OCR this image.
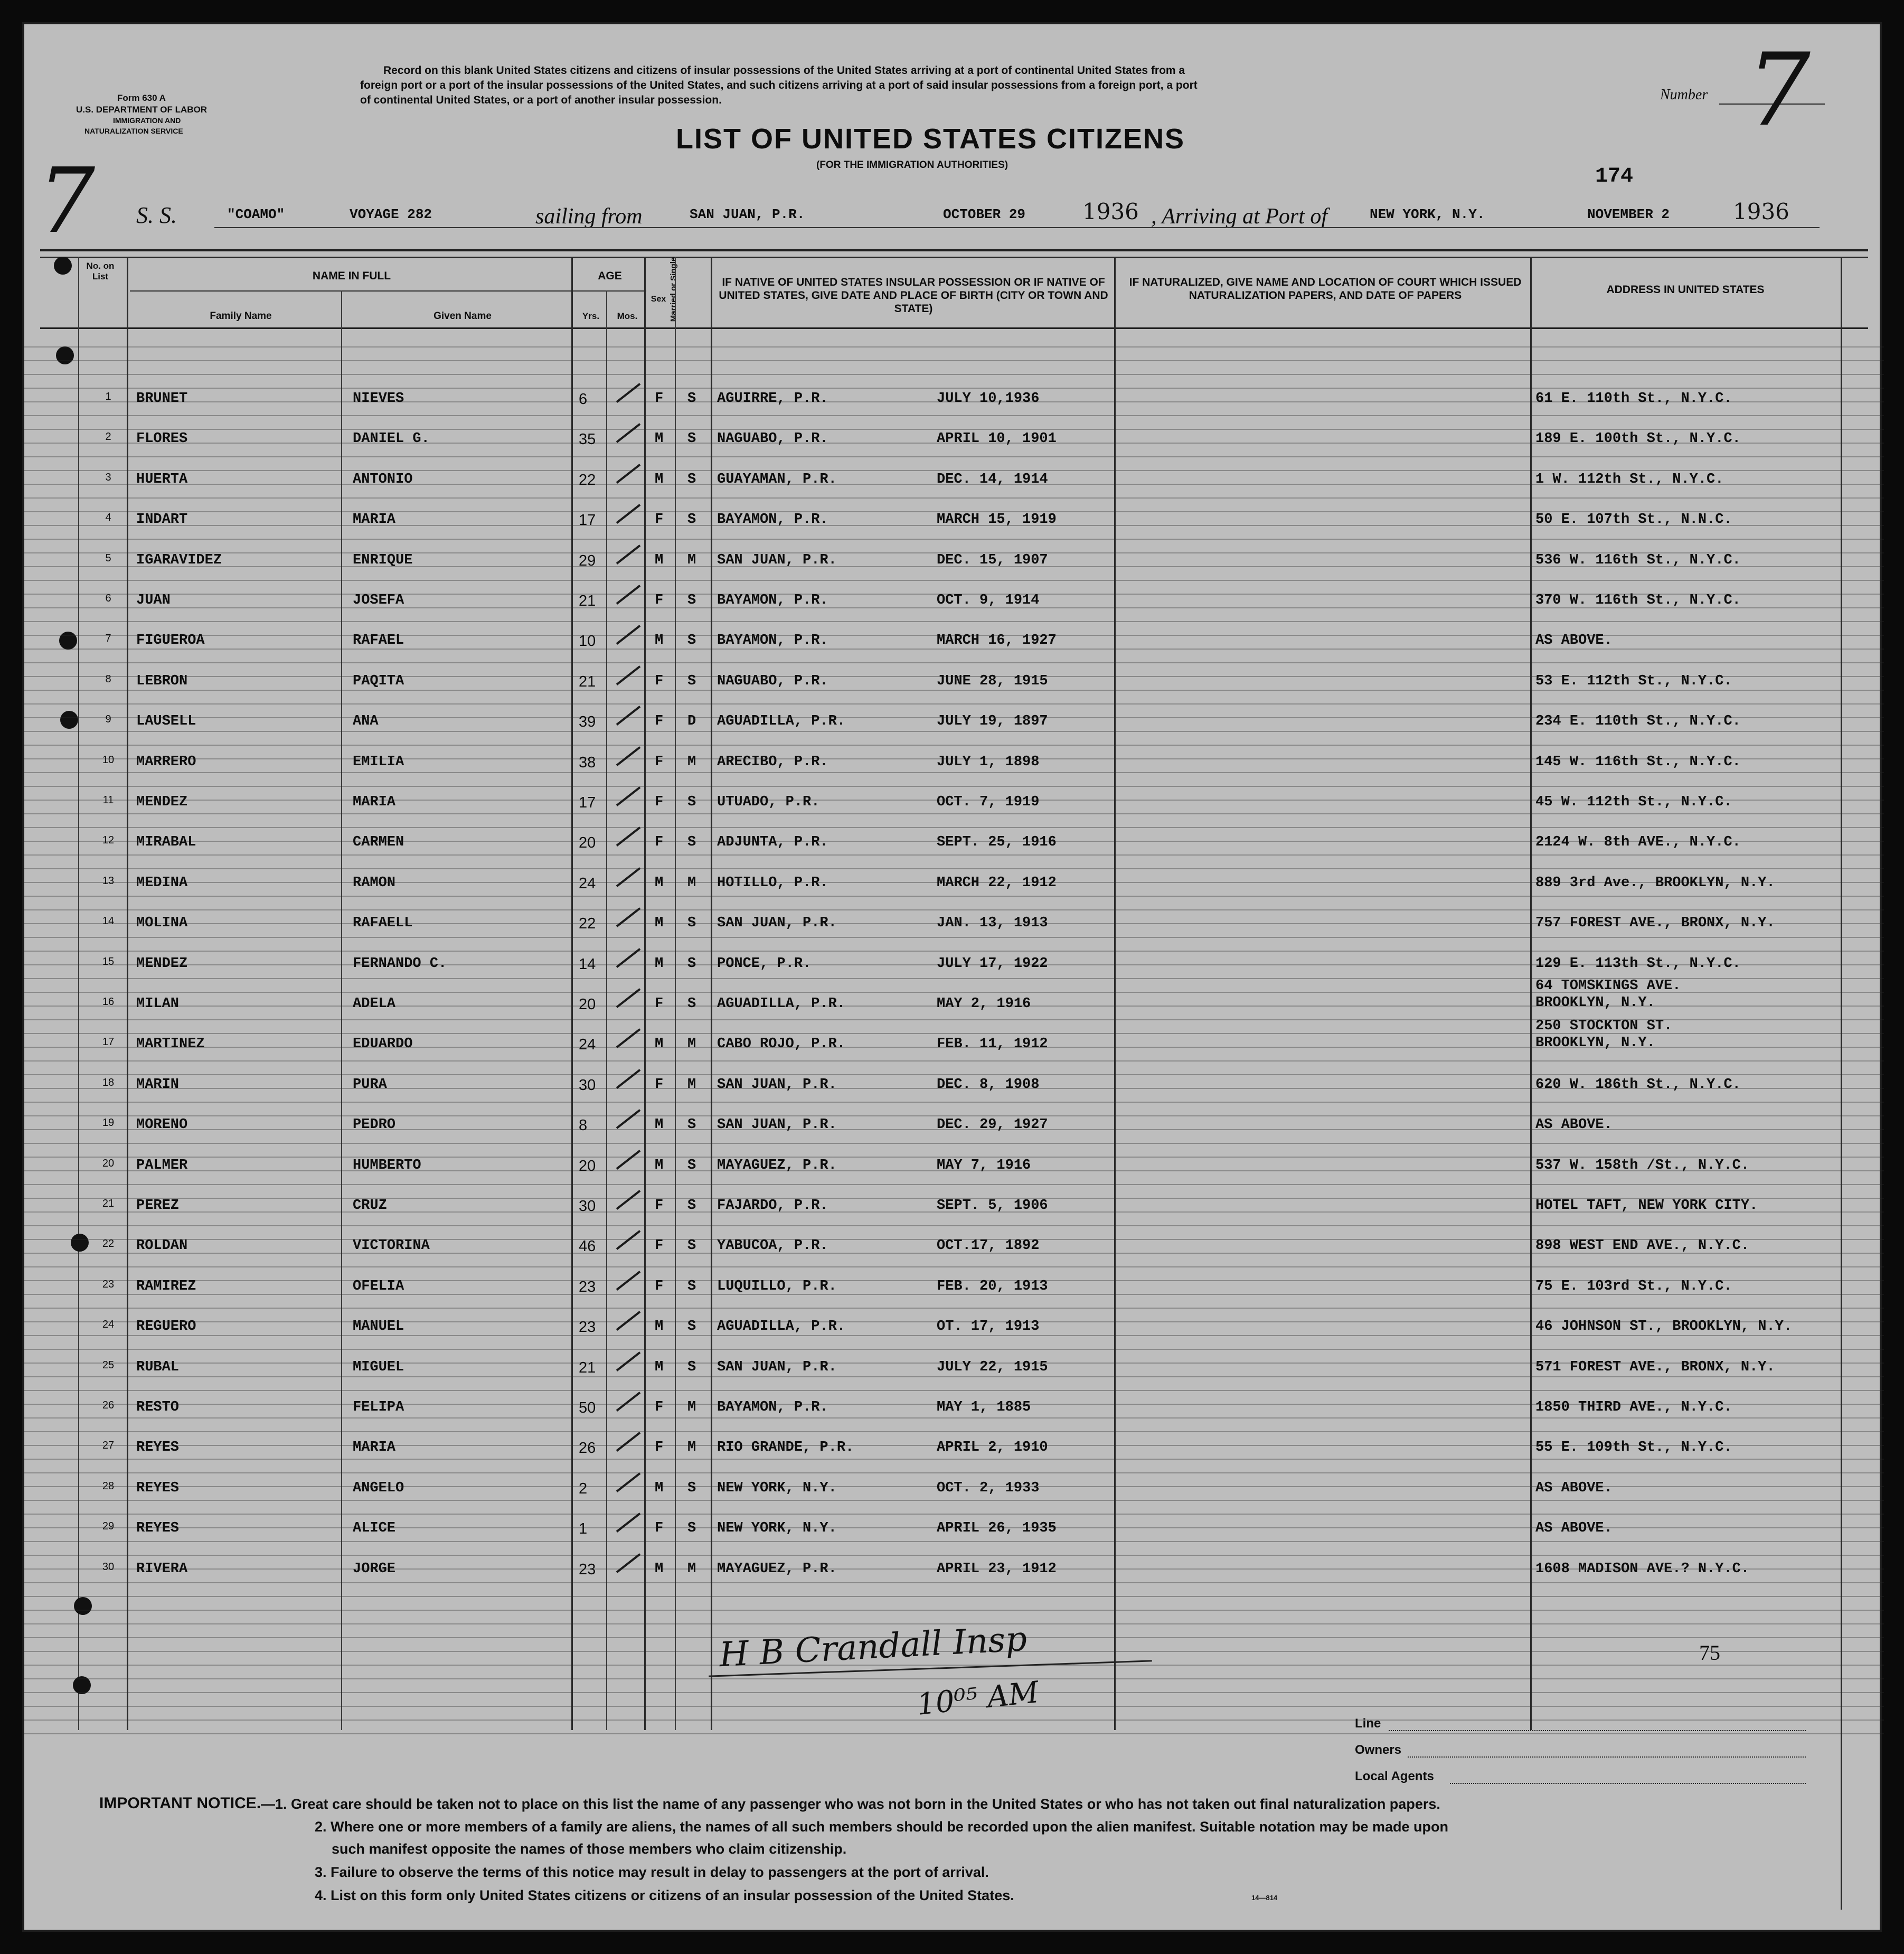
Form 630 A
U.S. DEPARTMENT OF LABOR
IMMIGRATION AND
NATURALIZATION SERVICE
Record on this blank United States citizens and citizens of insular possessions of the United States arriving at a port of continental United States from a
foreign port or a port of the insular possessions of the United States, and such citizens arriving at a port of said insular possessions from a foreign port, a port
of continental United States, or a port of another insular possession.
LIST OF UNITED STATES CITIZENS
(FOR THE IMMIGRATION AUTHORITIES)
Number 7
7	174
S. S.	"COAMO"	VOYAGE 282	sailing from	SAN JUAN, P.R.	OCTOBER 29	1936 , Arriving at Port of	NEW YORK, N.Y.	NOVEMBER 2	1936
No. on List	NAME IN FULL
Family Name	Given Name
AGE
Yrs.	Mos.
Sex Married or Single	IF NATIVE OF UNITED STATES INSULAR POSSESSION OR IF NATIVE OF UNITED STATES, GIVE DATE AND PLACE OF BIRTH (CITY OR TOWN AND STATE)
IF NATURALIZED, GIVE NAME AND LOCATION OF COURT WHICH ISSUED NATURALIZATION PAPERS, AND DATE OF PAPERS	ADDRESS IN UNITED STATES
1	BRUNET	NIEVES	6	F S AGUIRRE, P.R.	JULY 10,1936	61 E. 110th St., N.Y.C.
2	FLORES	DANIEL G.	35	M S NAGUABO, P.R.	APRIL 10, 1901	189 E. 100th St., N.Y.C.
3	HUERTA	ANTONIO	22	M S GUAYAMAN, P.R.	DEC. 14, 1914	1 W. 112th St., N.Y.C.
4	INDART	MARIA	17	F S BAYAMON, P.R.	MARCH 15, 1919	50 E. 107th St., N.N.C.
5	IGARAVIDEZ	ENRIQUE	29	M M SAN JUAN, P.R.	DEC. 15, 1907	536 W. 116th St., N.Y.C.
6	JUAN	JOSEFA	21	F S BAYAMON, P.R.	OCT. 9, 1914	370 W. 116th St., N.Y.C.
7	FIGUEROA	RAFAEL	10	M S BAYAMON, P.R.	MARCH 16, 1927	AS ABOVE.
8	LEBRON	PAQITA	21	F S NAGUABO, P.R.	JUNE 28, 1915	53 E. 112th St., N.Y.C.
9	LAUSELL	ANA	39	F D AGUADILLA, P.R.	JULY 19, 1897	234 E. 110th St., N.Y.C.
10	MARRERO	EMILIA	38	F M ARECIBO, P.R.	JULY 1, 1898	145 W. 116th St., N.Y.C.
11	MENDEZ	MARIA	17	F S UTUADO, P.R.	OCT. 7, 1919	45 W. 112th St., N.Y.C.
12	MIRABAL	CARMEN	20	F S ADJUNTA, P.R.	SEPT. 25, 1916	2124 W. 8th AVE., N.Y.C.
13	MEDINA	RAMON	24	M M HOTILLO, P.R.	MARCH 22, 1912	889 3rd Ave., BROOKLYN, N.Y.
14	MOLINA	RAFAELL	22	M S SAN JUAN, P.R.	JAN. 13, 1913	757 FOREST AVE., BRONX, N.Y.
15	MENDEZ	FERNANDO C.	14	M S PONCE, P.R.	JULY 17, 1922	129 E. 113th St., N.Y.C.
16	MILAN	ADELA	20	F S AGUADILLA, P.R.	MAY 2, 1916
64 TOMSKINGS AVE.
BROOKLYN, N.Y.
17	MARTINEZ	EDUARDO	24	M M CABO ROJO, P.R.	FEB. 11, 1912
250 STOCKTON ST.
BROOKLYN, N.Y.
18	MARIN	PURA	30	F M SAN JUAN, P.R.	DEC. 8, 1908	620 W. 186th St., N.Y.C.
19	MORENO	PEDRO	8	M S SAN JUAN, P.R.	DEC. 29, 1927	AS ABOVE.
20	PALMER	HUMBERTO	20	M S MAYAGUEZ, P.R.	MAY 7, 1916	537 W. 158th /St., N.Y.C.
21	PEREZ	CRUZ	30	F S FAJARDO, P.R.	SEPT. 5, 1906	HOTEL TAFT, NEW YORK CITY.
22	ROLDAN	VICTORINA	46	F S YABUCOA, P.R.	OCT.17, 1892	898 WEST END AVE., N.Y.C.
23	RAMIREZ	OFELIA	23	F S LUQUILLO, P.R.	FEB. 20, 1913	75 E. 103rd St., N.Y.C.
24	REGUERO	MANUEL	23	M S AGUADILLA, P.R.	OT. 17, 1913	46 JOHNSON ST., BROOKLYN, N.Y.
25	RUBAL	MIGUEL	21	M S SAN JUAN, P.R.	JULY 22, 1915	571 FOREST AVE., BRONX, N.Y.
26	RESTO	FELIPA	50	F M BAYAMON, P.R.	MAY 1, 1885	1850 THIRD AVE., N.Y.C.
27	REYES	MARIA	26	F M RIO GRANDE, P.R.	APRIL 2, 1910	55 E. 109th St., N.Y.C.
28	REYES	ANGELO	2	M S NEW YORK, N.Y.	OCT. 2, 1933	AS ABOVE.
29	REYES	ALICE	1	F S NEW YORK, N.Y.	APRIL 26, 1935	AS ABOVE.
30	RIVERA	JORGE	23	M M MAYAGUEZ, P.R.	APRIL 23, 1912	1608 MADISON AVE.? N.Y.C.
H B Crandall Insp
10⁰⁵ AM
75
Line
Owners
Local Agents
IMPORTANT NOTICE. —1. Great care should be taken not to place on this list the name of any passenger who was not born in the United States or who has not taken out final naturalization papers.
2. Where one or more members of a family are aliens, the names of all such members should be recorded upon the alien manifest. Suitable notation may be made upon
such manifest opposite the names of those members who claim citizenship.
3. Failure to observe the terms of this notice may result in delay to passengers at the port of arrival.
4. List on this form only United States citizens or citizens of an insular possession of the United States.	14—814
